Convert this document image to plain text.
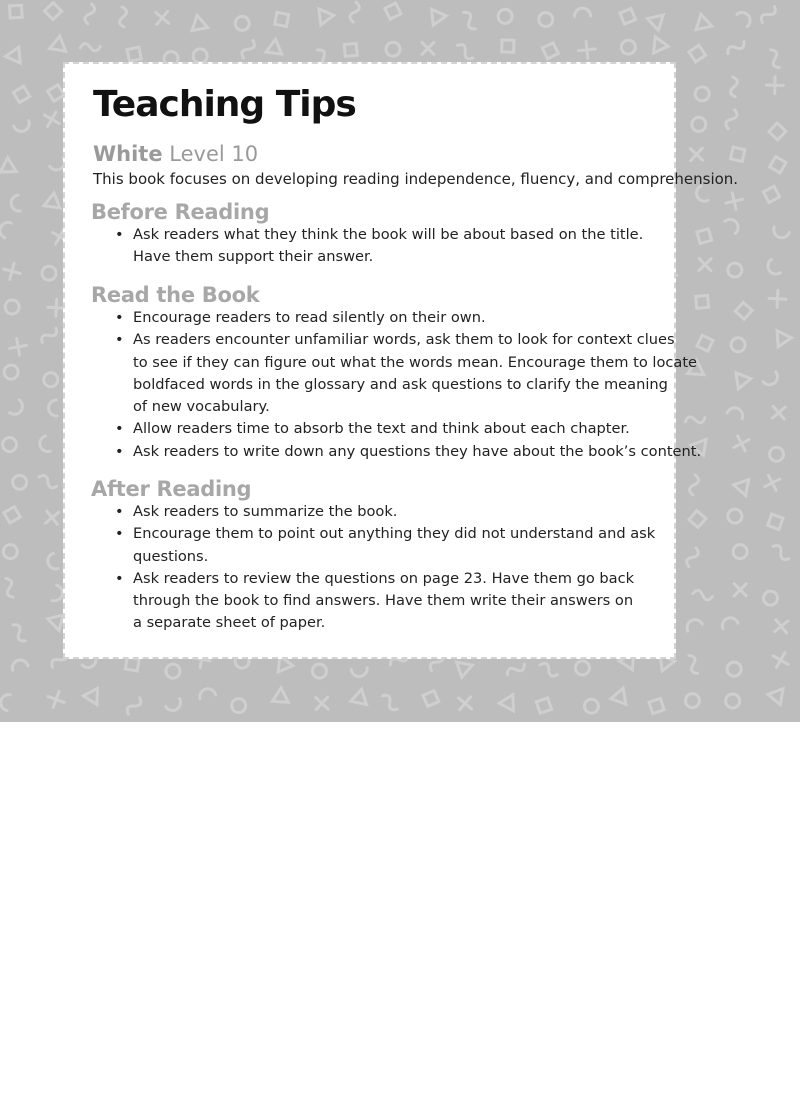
Teaching Tips
White Level 10
This book focuses on developing reading independence, fluency, and comprehension.
Before Reading
• Ask readers what they think the book will be about based on the title.
Have them support their answer.
Read the Book
• Encourage readers to read silently on their own.
• As readers encounter unfamiliar words, ask them to look for context clues
to see if they can figure out what the words mean. Encourage them to locate
boldfaced words in the glossary and ask questions to clarify the meaning
of new vocabulary.
• Allow readers time to absorb the text and think about each chapter.
• Ask readers to write down any questions they have about the book’s content.
After Reading
• Ask readers to summarize the book.
• Encourage them to point out anything they did not understand and ask
questions.
• Ask readers to review the questions on page 23. Have them go back
through the book to find answers. Have them write their answers on
a separate sheet of paper.
